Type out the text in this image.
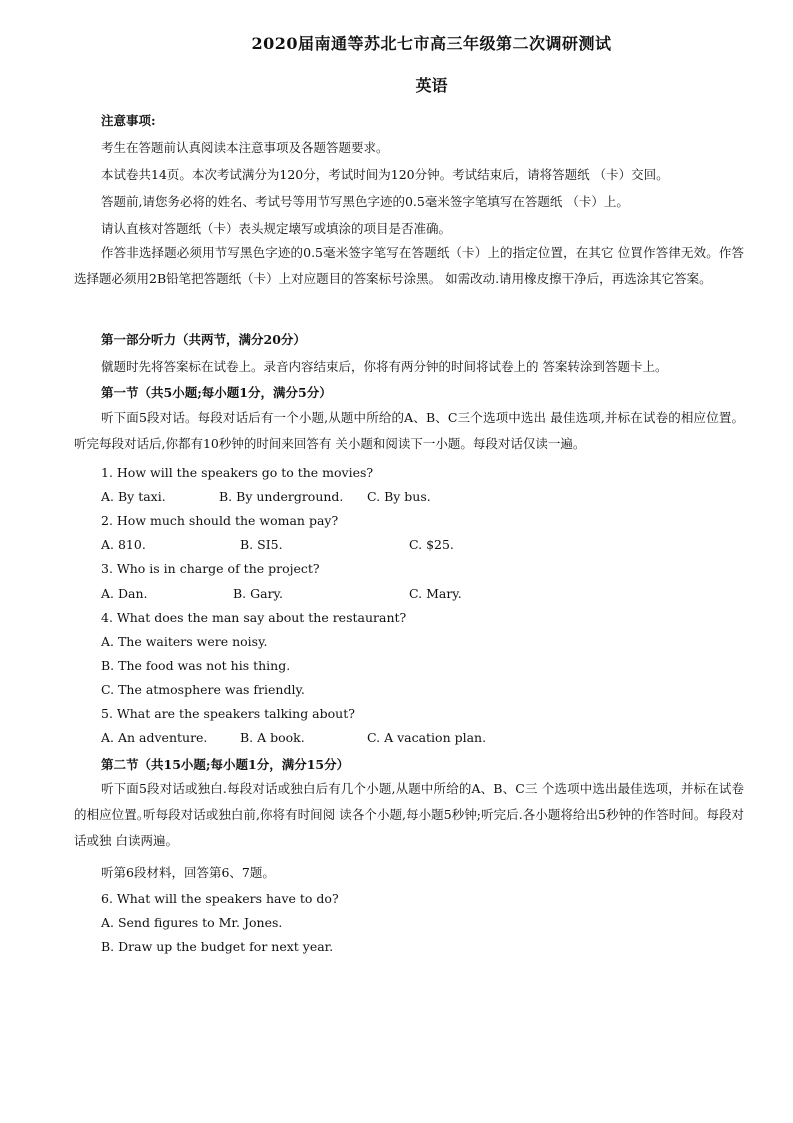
2020届南通等苏北七市高三年级第二次调研测试
英语
注意事项:
考生在答题前认真阅读本注意事项及各题答题要求。
本试卷共14页。本次考试满分为120分，考试时间为120分钟。考试结束后，请将答题纸 （卡）交回。
答题前,请您务必将的姓名、考试号等用节写黑色字迹的0.5毫米签字笔填写在答题纸 （卡）上。
请认直核对答题纸（卡）表头规定壊写或填涂的项目是否准确。
作答非选择题必须用节写黑色字迹的0.5毫米签字笔写在答题纸（卡）上的指定位置，在其它 位買作答律无效。作答选择题必须用2B铅笔把答题纸（卡）上对应题目的答案标号涂黑。 如需改动.请用橡皮擦干净后，再选涂其它答案。
第一部分听力（共两节，满分20分）
僦题时先将答案标在试卷上。录音内容结束后，你将有两分钟的时间将试卷上的 答案转涂到答题卡上。
第一节（共5小题;每小题1分，满分5分）
听下面5段对话。每段对话后有一个小题,从题中所给的A、B、C三个选项中选出 最佳选项,并标在试卷的相应位置。听完每段对话后,你都有10秒钟的时间来回答有 关小题和阅读下一小题。每段对话仅读一遍。
1. How will the speakers go to the movies?
A. By taxi.	B. By underground. C. By bus.
2. How much should the woman pay?
A. 810.	B. SI5.	C. $25.
3. Who is in charge of the project?
A. Dan.	B. Gary.	C. Mary.
4. What does the man say about the restaurant?
A. The waiters were noisy.
B. The food was not his thing.
C. The atmosphere was friendly.
5. What are the speakers talking about?
A. An adventure.	B. A book.	C. A vacation plan.
第二节（共15小题;每小题1分，满分15分）
听下面5段对话或独白.每段对话或独白后有几个小题,从题中所给的A、B、C三 个选项中选出最佳选项，并标在试卷的相应位置｡听每段对话或独白前,你将有时间阅 读各个小题,每小题5秒钟;听完后.各小题将给出5秒钟的作答时间。每段对话或独 白读两遍。
听第6段材料，回答第6、7题。
6. What will the speakers have to do?
A. Send figures to Mr. Jones.
B. Draw up the budget for next year.
